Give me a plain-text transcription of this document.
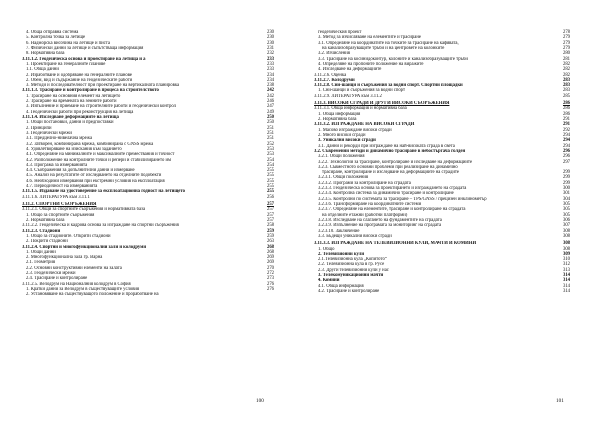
4. Обща отправна система	230
5. Контролна точка за летище	230
6. Надморска височина на летище и писта	230
7. Физически данни за летище и съпътстваща информация	231
8. Нормативна база	232
3.11.1.2. Геодезическа основа и проектиране на летища и а	233
1. Проектиране на генералните планове	233
1.1. Обща данни	233
2. Изработване и одобряване на генералните планове	234
2. Обем, вид и съдържание на геодезическите работи	234
3. Методи и последователност при проектиране на вертикалната планировка	238
3.11.1.3. Трасиране и контролиране в процеса на строителството	242
1. Трасиране на основния елемент на летището	242
2. Трасиране на времената на земните работи	246
3. Изпълнение и приемане на строителните работи и геодезически контрол	247
4. Геодезически работи при реконструкция на летища	249
3.11.1.4. Изследване деформациите на летища	250
1. Общи постановки, данни и предпоставки	250
2. Принципи	251
3. Геодезически мрежи	251
3.1. Предцелно-нивелачна мрежа	251
3.2. Затворен, комбинирана мрежа, комбинирана с GNSS мрежа	252
4. Удовлетворяване на изискания към заданието	253
4.1. Определяне на минималните и максималните премествания и точност	253
4.2. Разположение на контролните точки и репери и стабилизирането им	254
4.3. Програма за измерванията	254
4.4. Съображения за допълнителни данни и измерване	255
4.5. Анализ на резултатите от изследването на отделните подобекти	255
4.6. Необходими измервания при екстремни условия на експлоатация	255
4.7. Периодичност на измерванията	255
3.11.1.5. Издаване на удостоверение за експлоатационна годност на летището	255
3.11.1.6. ЛИТЕРАТУРА към 3.11.1	256
3.11.2. СПОРТНИ СЪОРЪЖЕНИЯ	257
3.11.2.1. Общи за спортните съоръжения и нормативната база	257
1. Общо за спортните съоръжения	257
2. Нормативна база	257
3.11.2.2. Геодезическа и кадрова основа за изграждане на спортни съоръжения	258
3.11.2.3. Стадиони	259
1. Общо за стадионите. Открити стадиони	259
2. Покрити стадиони	263
3.11.2.4. Спортни и многофункционални зали и колодруми	268
1. Общи данни	268
2. Многофункционална зала гр. Варна	269
2.1. Геометрия	269
2.2. Основни конструктивни елементи на залата	270
2.3. Геодезически мрежи	272
2.4. Трасиране и контролиране	273
3.11.2.5. Велодрум на Националния колодрум в София	276
1. Кратки данни за Велодрум в съществуващите условия	276
2. Установяване на съществуващото положение и проработване на
геодезическия проект	278
3. Метод за изчисляване на елементите и трасиране	279
3.1. Определяне на координатите на точките за трасиране на кафявата,	279
на канализобразуващите тръби и на центровете на колонките	279
3.2. Изчисления	280
3.3. Трасиране на косинидоконтур, колоните и канализобразуващите тръби	281
4. Определяне на пропоните положение на виражите	282
4. Изследване на деформациите	282
3.11.2.6. Оценка	282
3.11.2.7. Колодруми	283
3.11.2.8. Сни-шанци и съоръжения за водни спорт. Спортни площадки	283
1. Сни-шанци и съоръжения за водни спорт	283
3.11.2.9. ЛИТЕРАТУРА към 3.11.2	285
3.11.3. ВИСОКИ СГРАДИ И ДРУГИ ВИСОКИ СЪОРЪЖЕНИЯ	286
3.11.3.1. Обща информация и нормативна база	286
1. Обща информация	286
2. Нормативна база	291
3.11.3.2. ИЗГРАЖДАНЕ НА ВИСОКИ СГРАДИ	291
1. Масово изграждане високи сгради	292
2. Много високи сгради	294
3. Уникални високи сгради	294
3.1. Данни и рекорди при изграждане на най-високата сграда в света	294
3.2. Съвременни методи и динамично трасиране в небостъргача голден	296
3.2.1. Общи положения	296
3.2.2. Технологии за трасиране, контролиране и изследване на деформациите	297
3.2.3. Съвместното основни проблеми при реализиране на динамично
трасиране, контролиране и изследване на деформациите на сградите	299
3.2.3.1. Общи положения	299
3.2.3.2. Програми за контролиране на сградата	299
3.2.3.3. Геодезическа основа за проектирането и изграждането на сградата	300
3.2.3.4. Контролна система за динамично трасиране и контролиране	301
3.2.3.5. Контролни по системата за трасиране – TPS/GNSS / прецизен инклинометър	304
3.2.3.6. Трансформиране на координатните системи	305
3.2.3.7. Определяне на елементите, трасиране и контролиране на сградата	305
на отделните етажни (работни платформи)	305
3.2.3.8. Изследване на слагането на фундаментите на сградата	306
3.2.3.9. Изпълнение на програмата за мониторинг на сградата	307
3.2.3.10. Заключение	308
3.3. Бъдещи уникални високи сгради	308
3.11.3.3. ИЗГРАЖДАНЕ НА ТЕЛЕВИЗИОННИ КУЛИ, МАЧТИ И КОМИНИ	308
1. Общо	308
2. Телевизионни кули	309
2.1.Телевизионна кула „Копитото“	310
2.2. Телевизионна кула в гр. Русе	312
2.3. Други телевизионни кули у нас	313
3. Телекомуникационни мачти	314
4. Комини	314
4.1. Обща информация	314
4.2. Трасиране и контролиране	314
100	101
